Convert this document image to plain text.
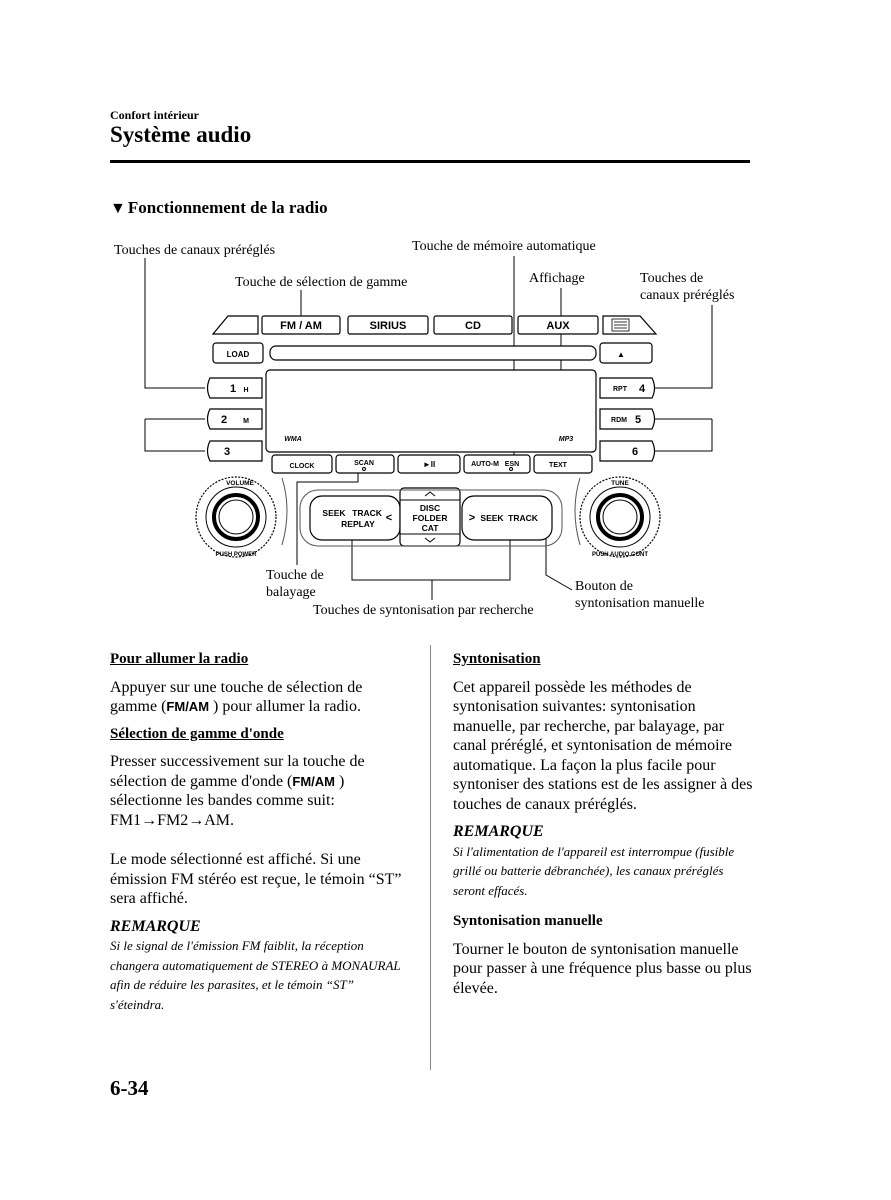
Confort intérieur
Système audio
▼ Fonctionnement de la radio
Touches de canaux préréglés	Touche de mémoire automatique
Touche de sélection de gamme	Affichage	Touches de
canaux préréglés
Touche de
balayage
Touches de syntonisation par recherche
Bouton de
syntonisation manuelle
FM / AM	SIRIUS	CD	AUX
LOAD	▲
1 H
2 M
3
RPT 4
RDM 5
6
CLOCK	SCAN	►II	AUTO-M ESN	TEXT
SEEK TRACK
REPLAY <
DISC
FOLDER
CAT
> SEEK TRACK
VOLUME
PUSH POWER
TUNE
PUSH AUDIO CONT
WMA	MP3
Pour allumer la radio

Appuyer sur une touche de sélection de gamme (FM/AM ) pour allumer la radio.

Sélection de gamme d'onde

Presser successivement sur la touche de sélection de gamme d'onde (FM/AM ) sélectionne les bandes comme suit: FM1→FM2→AM.

Le mode sélectionné est affiché. Si une émission FM stéréo est reçue, le témoin “ST” sera affiché.

REMARQUE
Si le signal de l'émission FM faiblit, la réception changera automatiquement de STEREO à MONAURAL afin de réduire les parasites, et le témoin “ST” s'éteindra.
Syntonisation

Cet appareil possède les méthodes de syntonisation suivantes: syntonisation manuelle, par recherche, par balayage, par canal préréglé, et syntonisation de mémoire automatique. La façon la plus facile pour syntoniser des stations est de les assigner à des touches de canaux préréglés.

REMARQUE
Si l'alimentation de l'appareil est interrompue (fusible grillé ou batterie débranchée), les canaux préréglés seront effacés.
Syntonisation manuelle

Tourner le bouton de syntonisation manuelle pour passer à une fréquence plus basse ou plus élevée.

6-34
